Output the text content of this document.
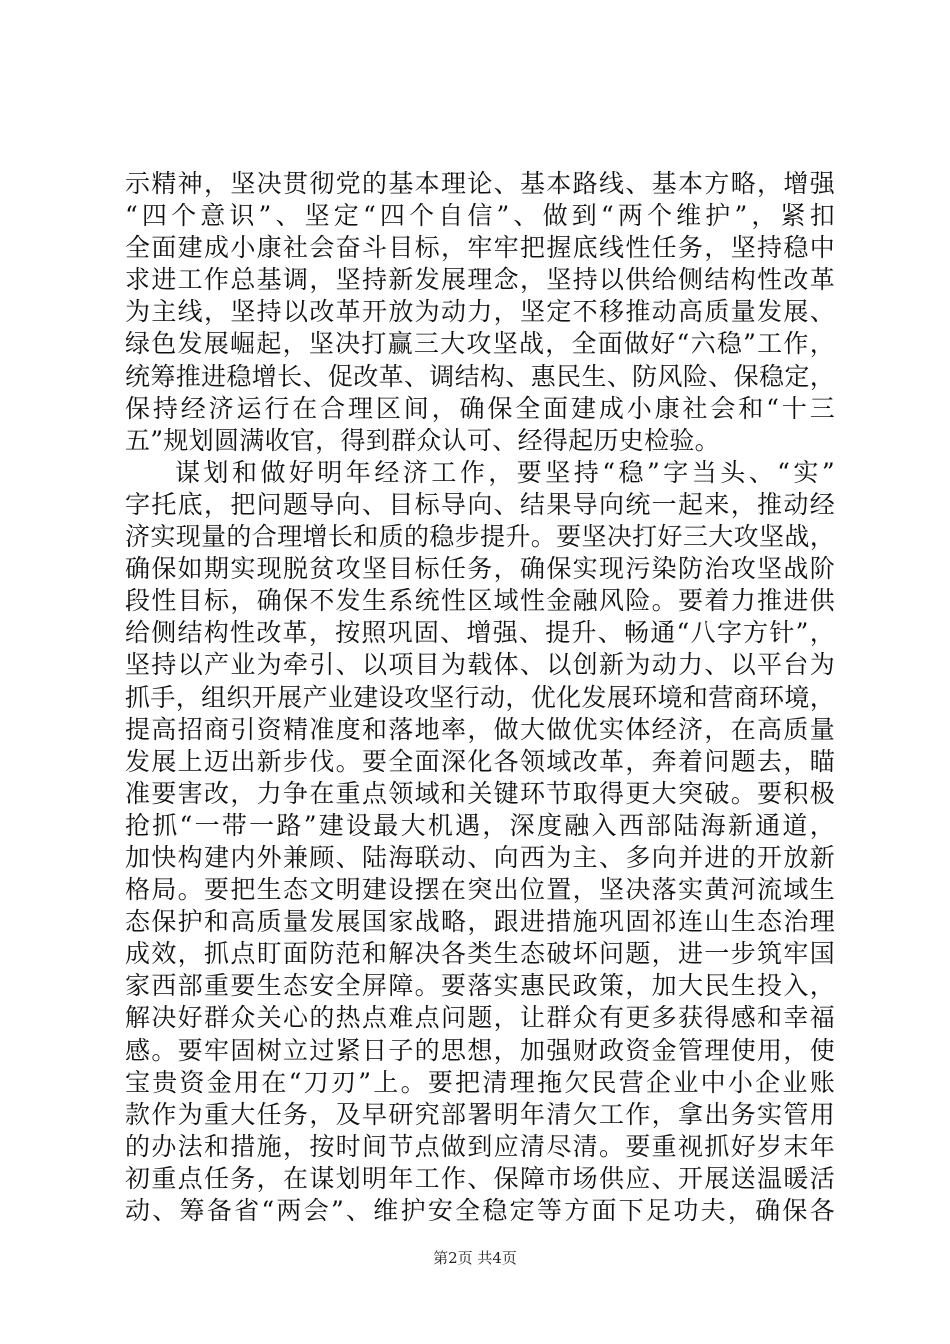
示精神，坚决贯彻党的基本理论、基本路线、基本方略，增强
“四个意识”、坚定“四个自信”、做到“两个维护”，紧扣
全面建成小康社会奋斗目标，牢牢把握底线性任务，坚持稳中
求进工作总基调，坚持新发展理念，坚持以供给侧结构性改革
为主线，坚持以改革开放为动力，坚定不移推动高质量发展、
绿色发展崛起，坚决打赢三大攻坚战，全面做好“六稳”工作，
统筹推进稳增长、促改革、调结构、惠民生、防风险、保稳定，
保持经济运行在合理区间，确保全面建成小康社会和“十三
五”规划圆满收官，得到群众认可、经得起历史检验。
谋划和做好明年经济工作，要坚持“稳”字当头、“实”
字托底，把问题导向、目标导向、结果导向统一起来，推动经
济实现量的合理增长和质的稳步提升。要坚决打好三大攻坚战，
确保如期实现脱贫攻坚目标任务，确保实现污染防治攻坚战阶
段性目标，确保不发生系统性区域性金融风险。要着力推进供
给侧结构性改革，按照巩固、增强、提升、畅通“八字方针”，
坚持以产业为牵引、以项目为载体、以创新为动力、以平台为
抓手，组织开展产业建设攻坚行动，优化发展环境和营商环境，
提高招商引资精准度和落地率，做大做优实体经济，在高质量
发展上迈出新步伐。要全面深化各领域改革，奔着问题去，瞄
准要害改，力争在重点领域和关键环节取得更大突破。要积极
抢抓“一带一路”建设最大机遇，深度融入西部陆海新通道，
加快构建内外兼顾、陆海联动、向西为主、多向并进的开放新
格局。要把生态文明建设摆在突出位置，坚决落实黄河流域生
态保护和高质量发展国家战略，跟进措施巩固祁连山生态治理
成效，抓点盯面防范和解决各类生态破坏问题，进一步筑牢国
家西部重要生态安全屏障。要落实惠民政策，加大民生投入，
解决好群众关心的热点难点问题，让群众有更多获得感和幸福
感。要牢固树立过紧日子的思想，加强财政资金管理使用，使
宝贵资金用在“刀刃”上。要把清理拖欠民营企业中小企业账
款作为重大任务，及早研究部署明年清欠工作，拿出务实管用
的办法和措施，按时间节点做到应清尽清。要重视抓好岁末年
初重点任务，在谋划明年工作、保障市场供应、开展送温暖活
动、筹备省“两会”、维护安全稳定等方面下足功夫，确保各
第2页 共4页
